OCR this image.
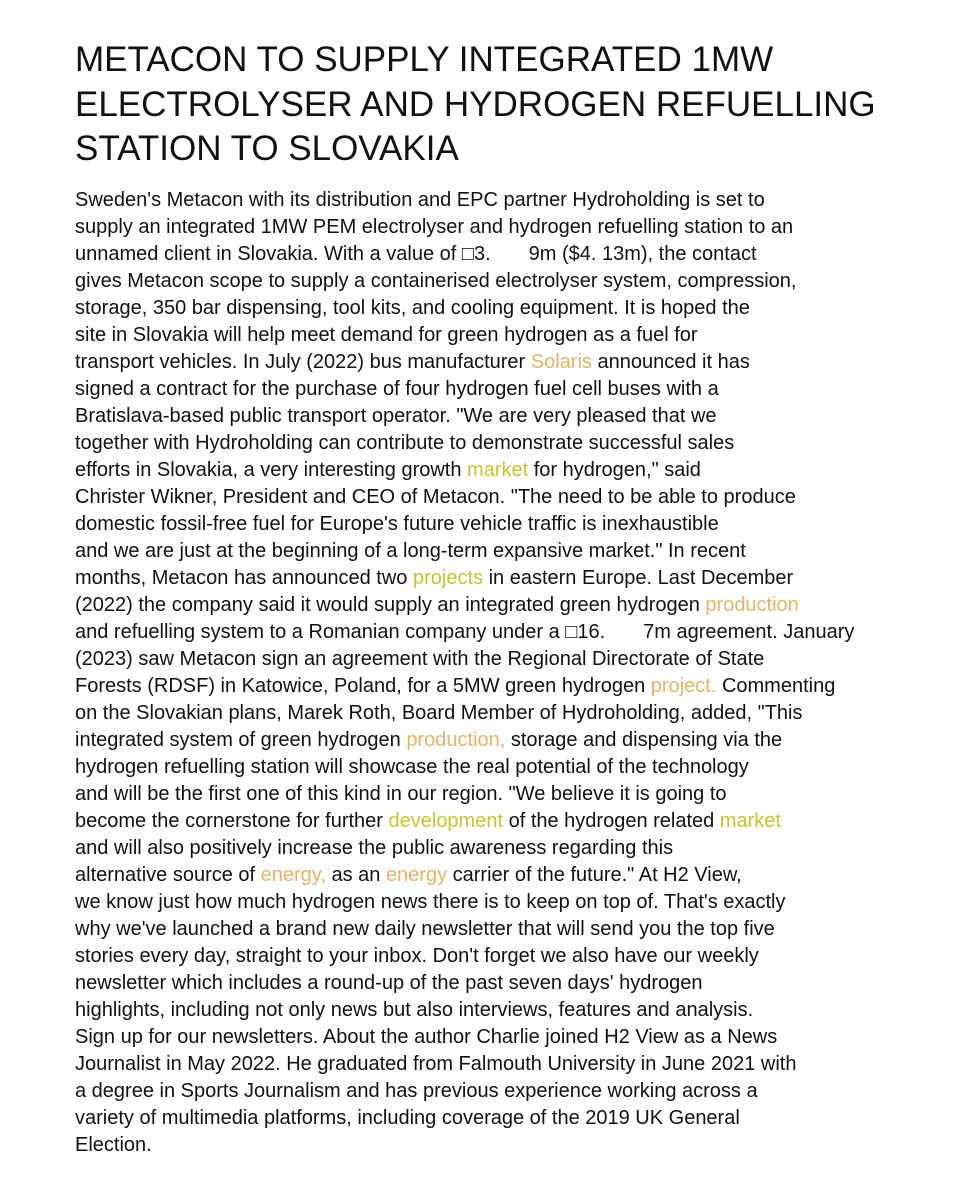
METACON TO SUPPLY INTEGRATED 1MW
ELECTROLYSER AND HYDROGEN REFUELLING
STATION TO SLOVAKIA
Sweden's Metacon with its distribution and EPC partner Hydroholding is set to
supply an integrated 1MW PEM electrolyser and hydrogen refuelling station to an
unnamed client in Slovakia. With a value of □3. 9m ($4. 13m), the contact
gives Metacon scope to supply a containerised electrolyser system, compression,
storage, 350 bar dispensing, tool kits, and cooling equipment. It is hoped the
site in Slovakia will help meet demand for green hydrogen as a fuel for
transport vehicles. In July (2022) bus manufacturer Solaris announced it has
signed a contract for the purchase of four hydrogen fuel cell buses with a
Bratislava-based public transport operator. "We are very pleased that we
together with Hydroholding can contribute to demonstrate successful sales
efforts in Slovakia, a very interesting growth market for hydrogen," said
Christer Wikner, President and CEO of Metacon. "The need to be able to produce
domestic fossil-free fuel for Europe's future vehicle traffic is inexhaustible
and we are just at the beginning of a long-term expansive market." In recent
months, Metacon has announced two projects in eastern Europe. Last December
(2022) the company said it would supply an integrated green hydrogen production
and refuelling system to a Romanian company under a □16. 7m agreement. January
(2023) saw Metacon sign an agreement with the Regional Directorate of State
Forests (RDSF) in Katowice, Poland, for a 5MW green hydrogen project. Commenting
on the Slovakian plans, Marek Roth, Board Member of Hydroholding, added, "This
integrated system of green hydrogen production, storage and dispensing via the
hydrogen refuelling station will showcase the real potential of the technology
and will be the first one of this kind in our region. "We believe it is going to
become the cornerstone for further development of the hydrogen related market
and will also positively increase the public awareness regarding this
alternative source of energy, as an energy carrier of the future." At H2 View,
we know just how much hydrogen news there is to keep on top of. That's exactly
why we've launched a brand new daily newsletter that will send you the top five
stories every day, straight to your inbox. Don't forget we also have our weekly
newsletter which includes a round-up of the past seven days' hydrogen
highlights, including not only news but also interviews, features and analysis.
Sign up for our newsletters. About the author Charlie joined H2 View as a News
Journalist in May 2022. He graduated from Falmouth University in June 2021 with
a degree in Sports Journalism and has previous experience working across a
variety of multimedia platforms, including coverage of the 2019 UK General
Election.
